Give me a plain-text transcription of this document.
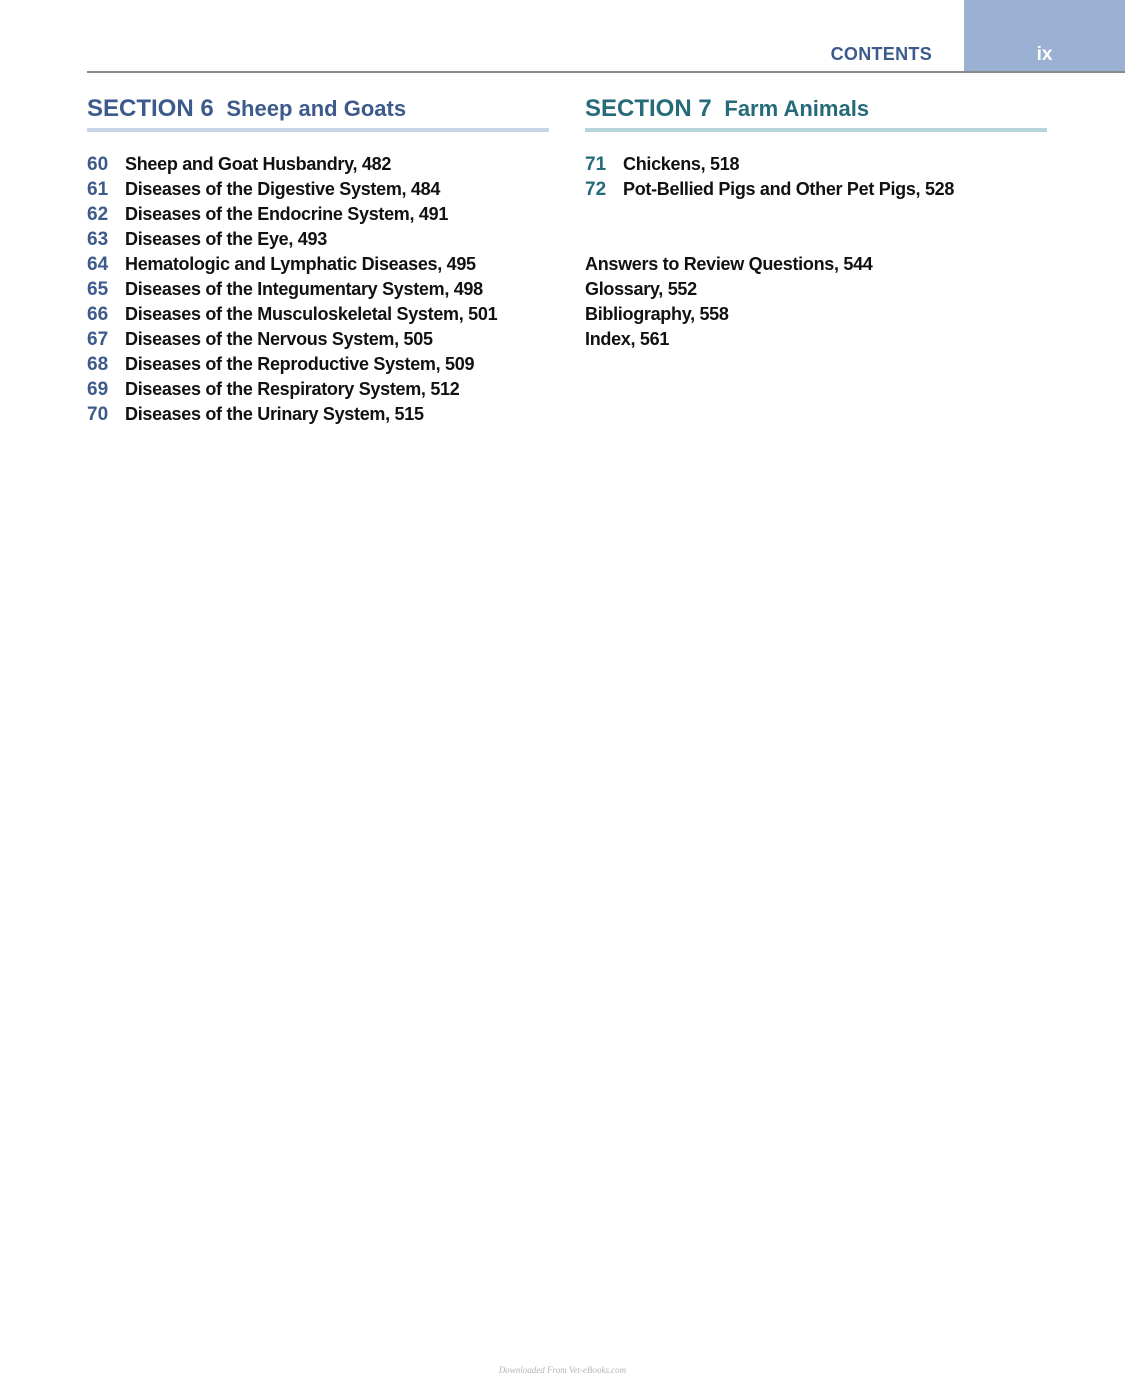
CONTENTS	ix
SECTION 6 Sheep and Goats
60 Sheep and Goat Husbandry, 482
61 Diseases of the Digestive System, 484
62 Diseases of the Endocrine System, 491
63 Diseases of the Eye, 493
64 Hematologic and Lymphatic Diseases, 495
65 Diseases of the Integumentary System, 498
66 Diseases of the Musculoskeletal System, 501
67 Diseases of the Nervous System, 505
68 Diseases of the Reproductive System, 509
69 Diseases of the Respiratory System, 512
70 Diseases of the Urinary System, 515
SECTION 7 Farm Animals
71 Chickens, 518
72 Pot-Bellied Pigs and Other Pet Pigs, 528
Answers to Review Questions, 544
Glossary, 552
Bibliography, 558
Index, 561
Downloaded From Vet-eBooks.com
